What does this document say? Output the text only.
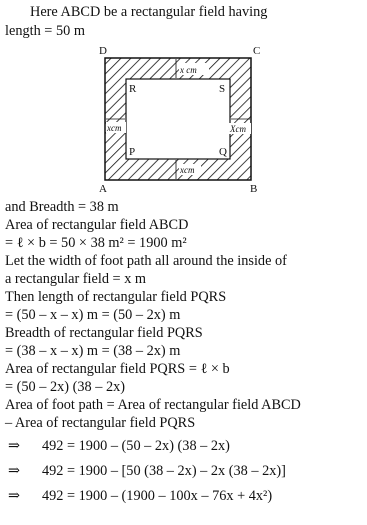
Here ABCD be a rectangular field having
length = 50 m
D	C
A	B
R	S
P	Q
x cm
xcm	Xcm
xcm
and Breadth = 38 m
Area of rectangular field ABCD
= ℓ × b = 50 × 38 m² = 1900 m²
Let the width of foot path all around the inside of
a rectangular field = x m
Then length of rectangular field PQRS
= (50 – x – x) m = (50 – 2x) m
Breadth of rectangular field PQRS
= (38 – x – x) m = (38 – 2x) m
Area of rectangular field PQRS = ℓ × b
= (50 – 2x) (38 – 2x)
Area of foot path = Area of rectangular field ABCD
– Area of rectangular field PQRS
⇒ 492 = 1900 – (50 – 2x) (38 – 2x)
⇒ 492 = 1900 – [50 (38 – 2x) – 2x (38 – 2x)]
⇒ 492 = 1900 – (1900 – 100x – 76x + 4x²)
